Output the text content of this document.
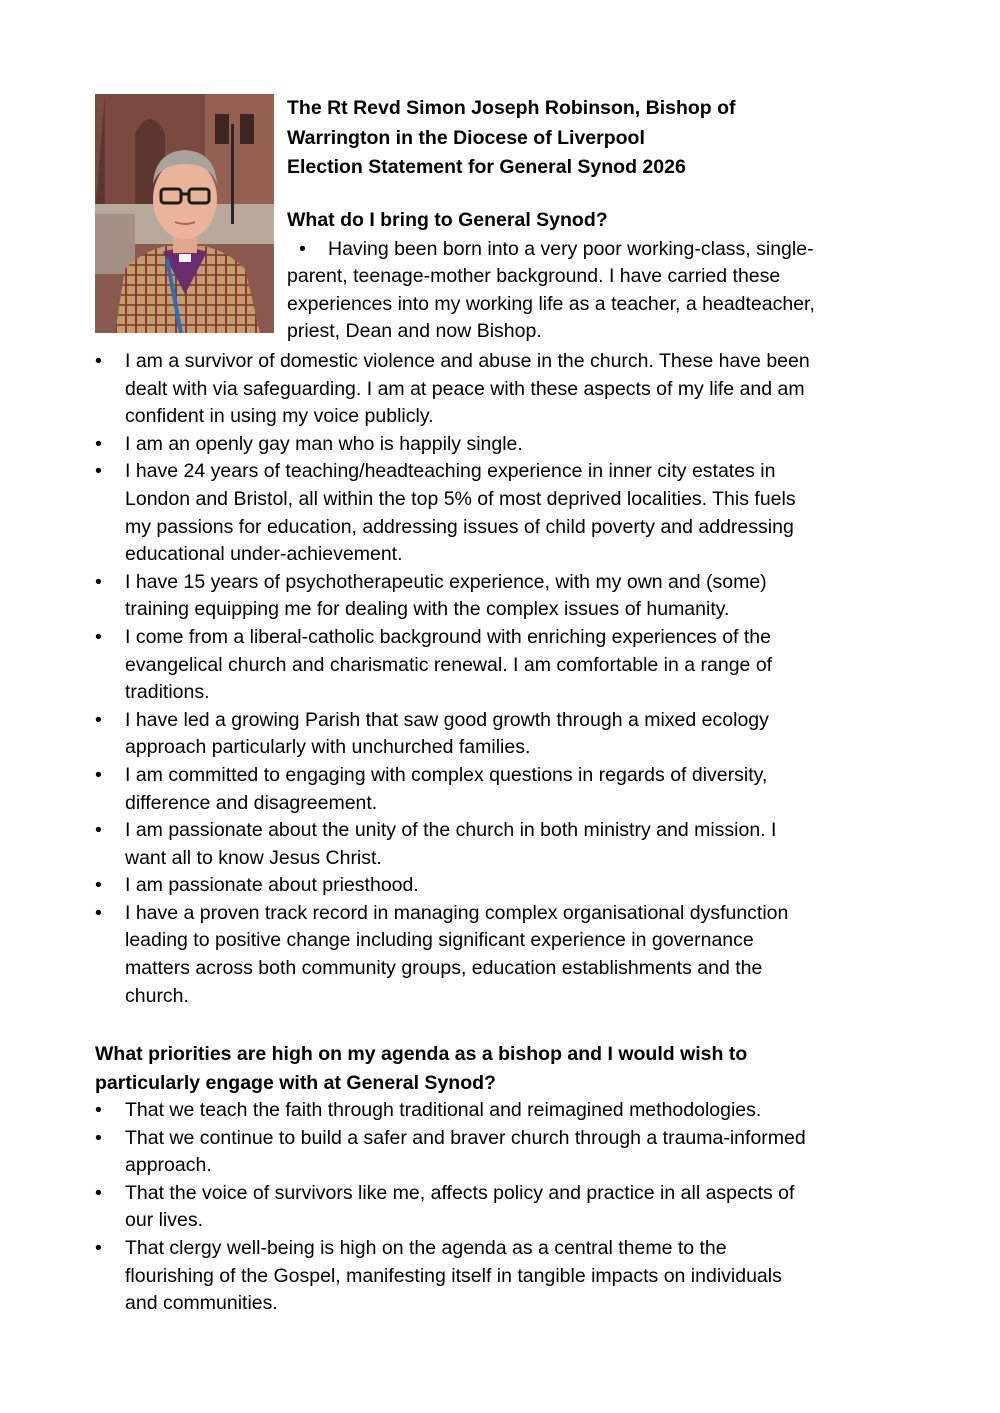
The Rt Revd Simon Joseph Robinson, Bishop of
Warrington in the Diocese of Liverpool
Election Statement for General Synod 2026
What do I bring to General Synod?
• Having been born into a very poor working-class, single-
parent, teenage-mother background. I have carried these
experiences into my working life as a teacher, a headteacher,
priest, Dean and now Bishop.
•	I am a survivor of domestic violence and abuse in the church. These have been
dealt with via safeguarding. I am at peace with these aspects of my life and am
confident in using my voice publicly.
•	I am an openly gay man who is happily single.
•	I have 24 years of teaching/headteaching experience in inner city estates in
London and Bristol, all within the top 5% of most deprived localities. This fuels
my passions for education, addressing issues of child poverty and addressing
educational under-achievement.
•	I have 15 years of psychotherapeutic experience, with my own and (some)
training equipping me for dealing with the complex issues of humanity.
•	I come from a liberal-catholic background with enriching experiences of the
evangelical church and charismatic renewal. I am comfortable in a range of
traditions.
•	I have led a growing Parish that saw good growth through a mixed ecology
approach particularly with unchurched families.
•	I am committed to engaging with complex questions in regards of diversity,
difference and disagreement.
•	I am passionate about the unity of the church in both ministry and mission. I
want all to know Jesus Christ.
•	I am passionate about priesthood.
•	I have a proven track record in managing complex organisational dysfunction
leading to positive change including significant experience in governance
matters across both community groups, education establishments and the
church.
What priorities are high on my agenda as a bishop and I would wish to
particularly engage with at General Synod?
•	That we teach the faith through traditional and reimagined methodologies.
•	That we continue to build a safer and braver church through a trauma-informed
approach.
•	That the voice of survivors like me, affects policy and practice in all aspects of
our lives.
•	That clergy well-being is high on the agenda as a central theme to the
flourishing of the Gospel, manifesting itself in tangible impacts on individuals
and communities.
